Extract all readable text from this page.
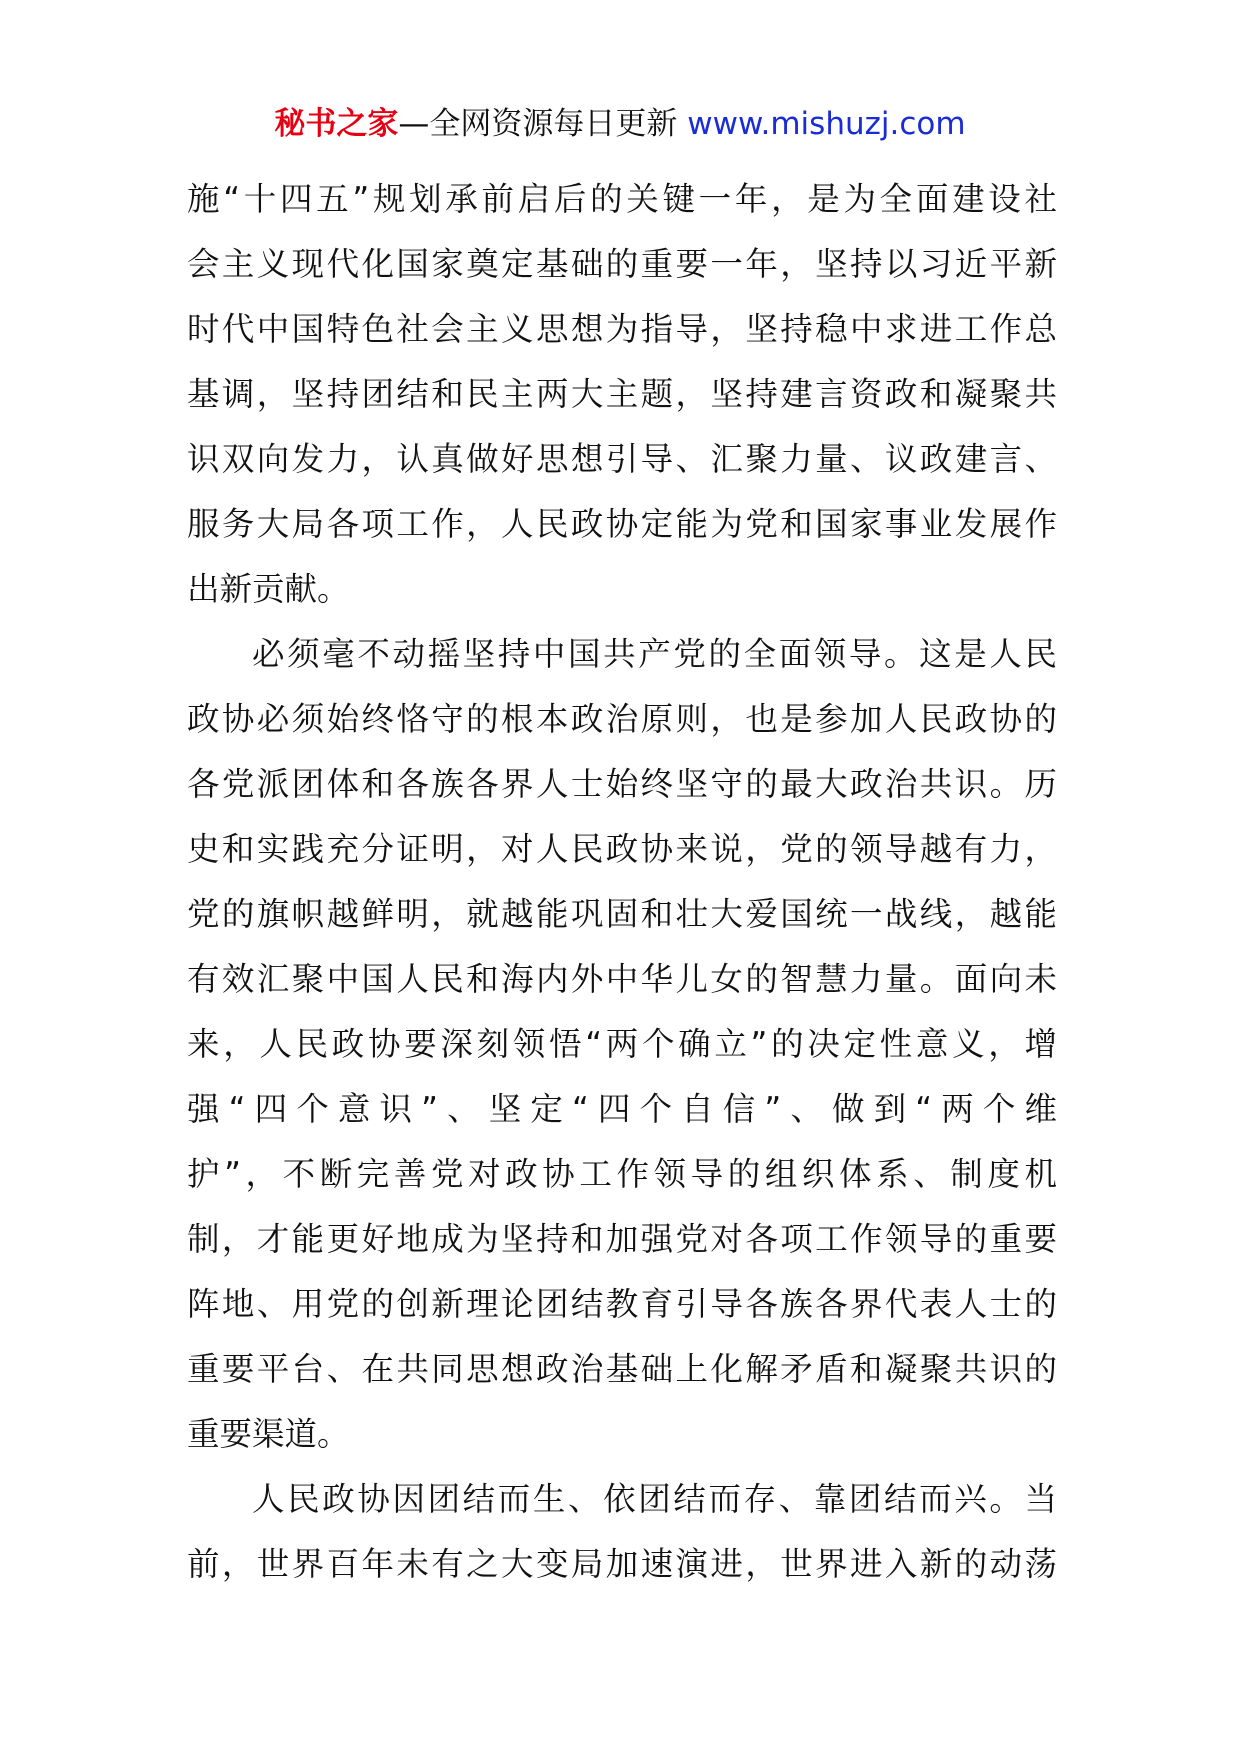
秘书之家—全网资源每日更新 www.mishuzj.com
施“十四五”规划承前启后的关键一年，是为全面建设社
会主义现代化国家奠定基础的重要一年，坚持以习近平新
时代中国特色社会主义思想为指导，坚持稳中求进工作总
基调，坚持团结和民主两大主题，坚持建言资政和凝聚共
识双向发力，认真做好思想引导、汇聚力量、议政建言、
服务大局各项工作，人民政协定能为党和国家事业发展作
出新贡献。
必须毫不动摇坚持中国共产党的全面领导。这是人民
政协必须始终恪守的根本政治原则，也是参加人民政协的
各党派团体和各族各界人士始终坚守的最大政治共识。历
史和实践充分证明，对人民政协来说，党的领导越有力，
党的旗帜越鲜明，就越能巩固和壮大爱国统一战线，越能
有效汇聚中国人民和海内外中华儿女的智慧力量。面向未
来，人民政协要深刻领悟“两个确立”的决定性意义，增
强“四个意识”、坚定“四个自信”、做到“两个维
护”，不断完善党对政协工作领导的组织体系、制度机
制，才能更好地成为坚持和加强党对各项工作领导的重要
阵地、用党的创新理论团结教育引导各族各界代表人士的
重要平台、在共同思想政治基础上化解矛盾和凝聚共识的
重要渠道。
人民政协因团结而生、依团结而存、靠团结而兴。当
前，世界百年未有之大变局加速演进，世界进入新的动荡
